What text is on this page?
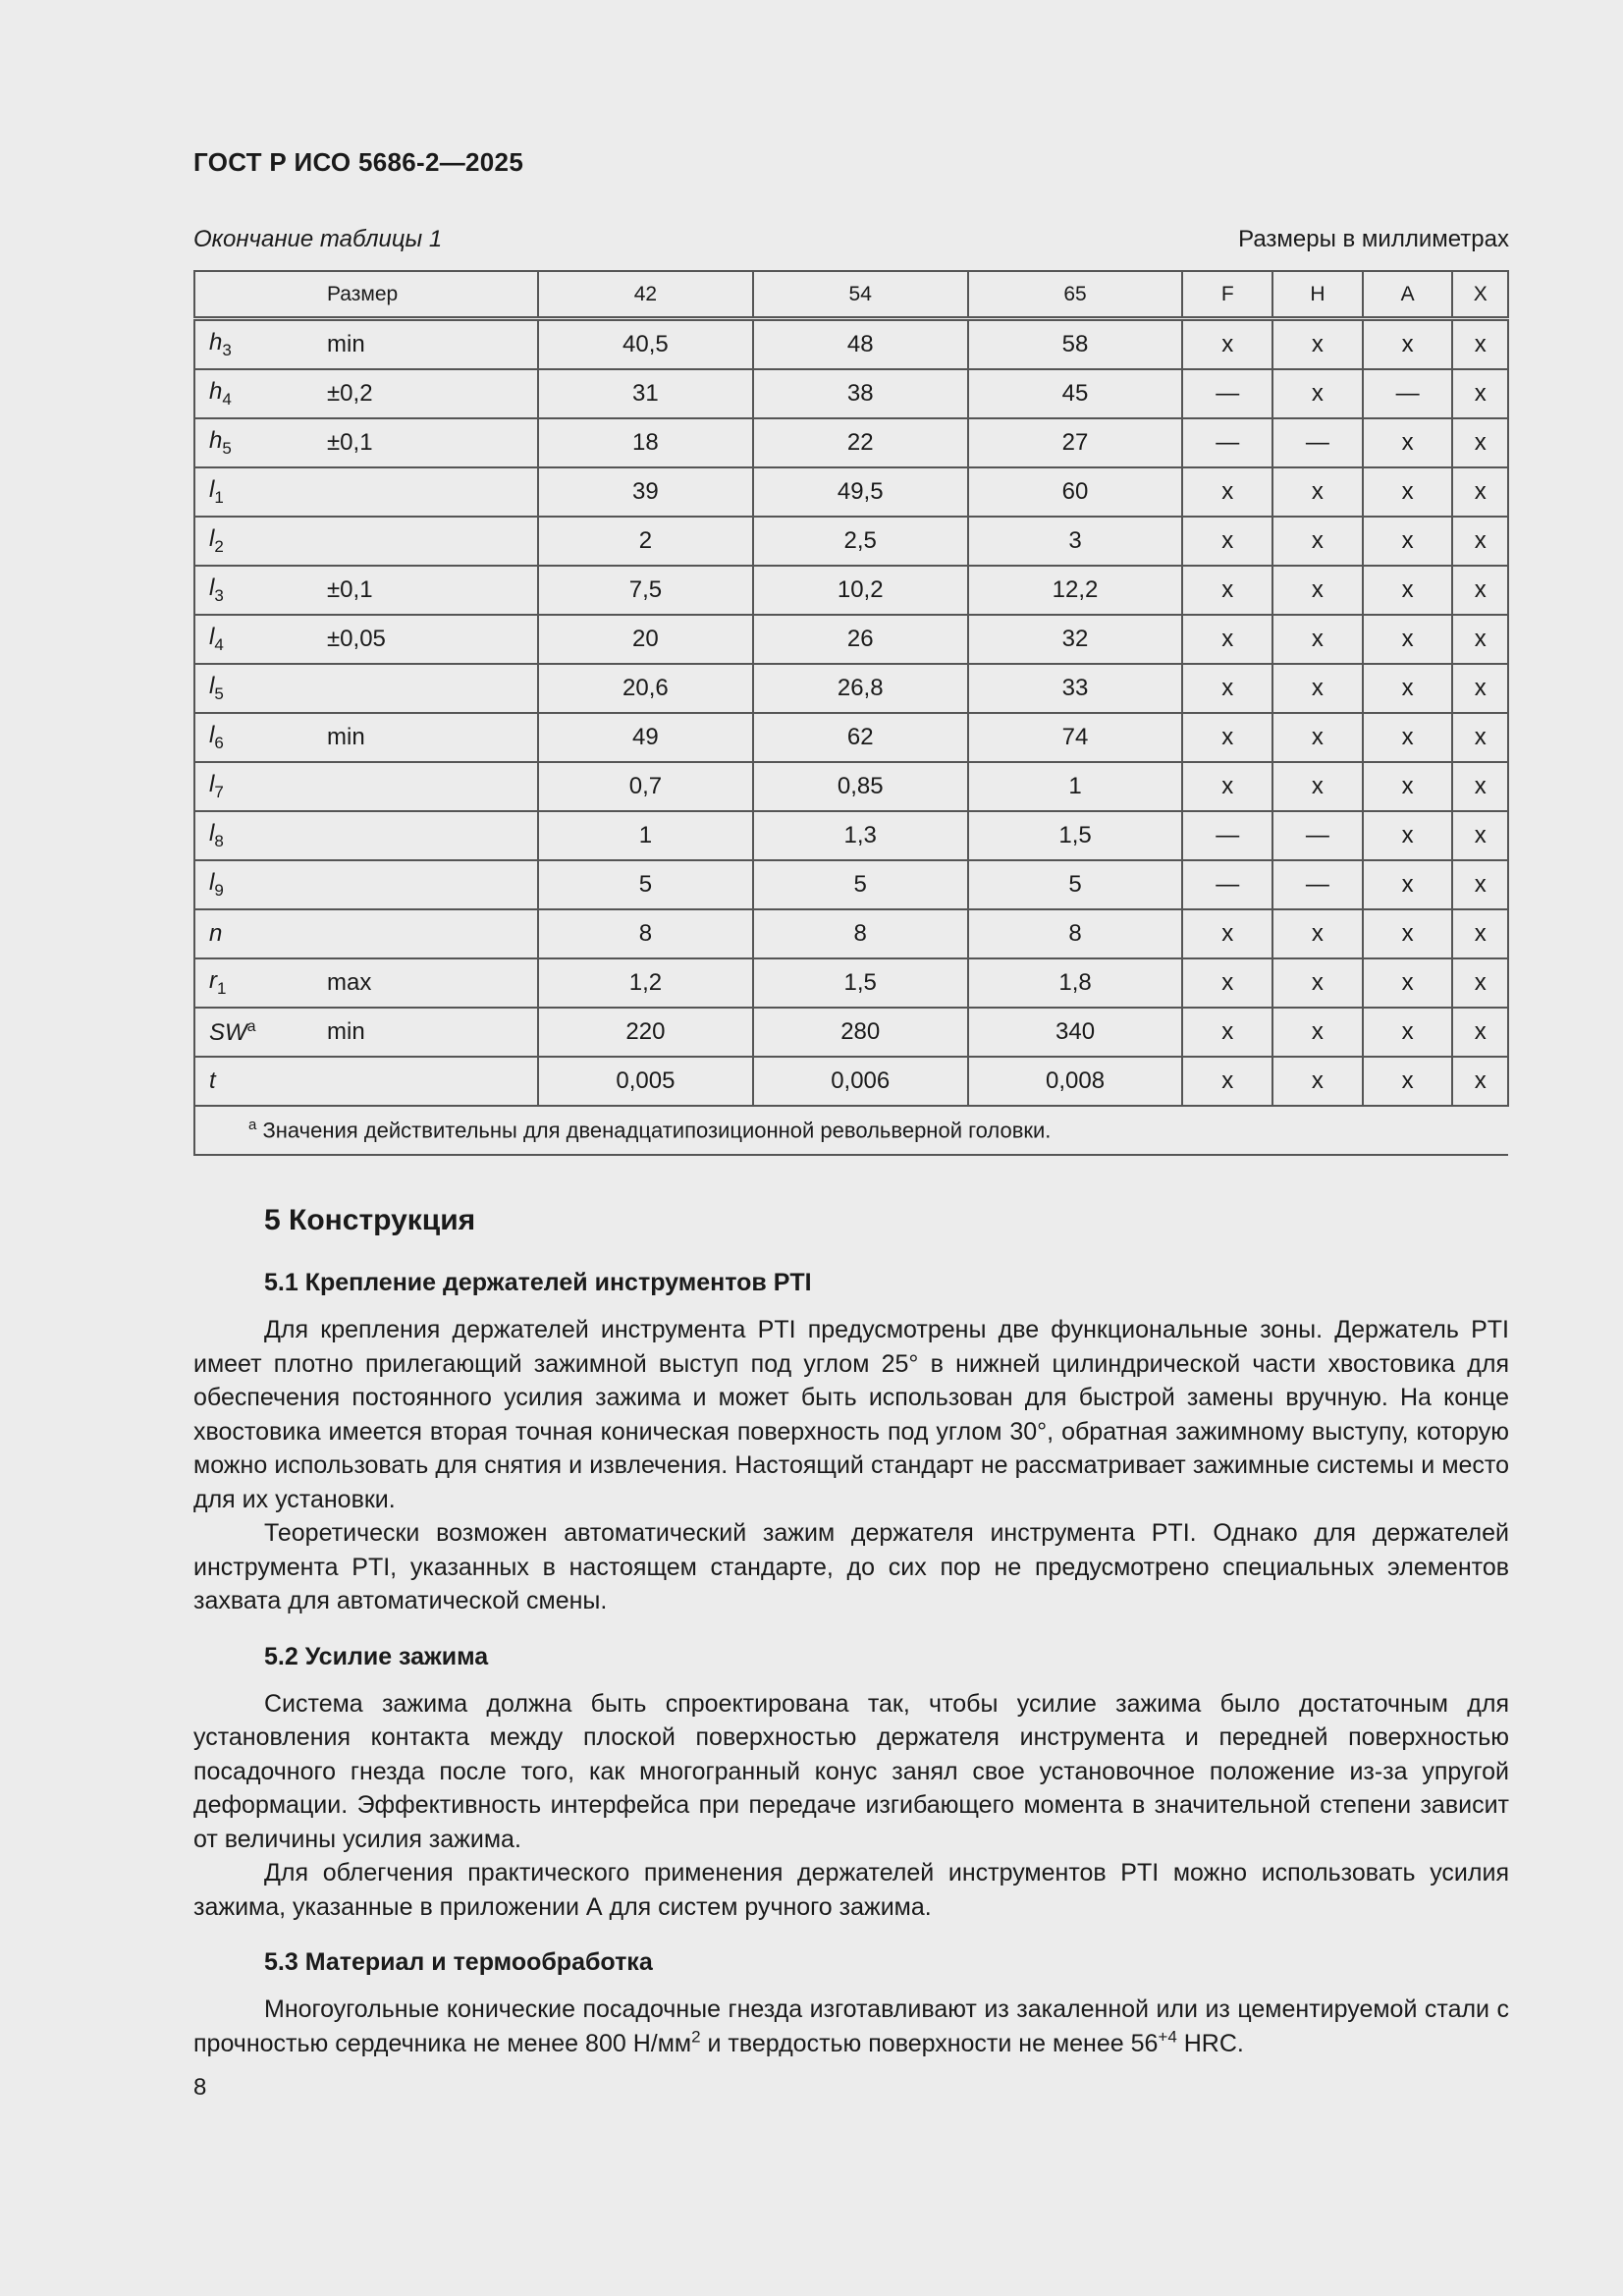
ГОСТ Р ИСО 5686-2—2025
Окончание таблицы 1	Размеры в миллиметрах
Размер		42	54	65	F	H	A	X
$h_3$	min	40,5	48	58	x	x	x	x
$h_4$	±0,2	31	38	45	—	x	—	x
$h_5$	±0,1	18	22	27	—	—	x	x
$l_1$		39	49,5	60	x	x	x	x
$l_2$		2	2,5	3	x	x	x	x
$l_3$	±0,1	7,5	10,2	12,2	x	x	x	x
$l_4$	±0,05	20	26	32	x	x	x	x
$l_5$		20,6	26,8	33	x	x	x	x
$l_6$	min	49	62	74	x	x	x	x
$l_7$		0,7	0,85	1	x	x	x	x
$l_8$		1	1,3	1,5	—	—	x	x
$l_9$		5	5	5	—	—	x	x
n		8	8	8	x	x	x	x
$r_1$	max	1,2	1,5	1,8	x	x	x	x
$SW^a$	min	220	280	340	x	x	x	x
t		0,005	0,006	0,008	x	x	x	x
$^a$ Значения действительны для двенадцатипозиционной револьверной головки.								
5 Конструкция
5.1 Крепление держателей инструментов PTI

Для крепления держателей инструмента PTI предусмотрены две функциональные зоны. Держатель PTI имеет плотно прилегающий зажимной выступ под углом 25° в нижней цилиндрической части хвостовика для обеспечения постоянного усилия зажима и может быть использован для быстрой замены вручную. На конце хвостовика имеется вторая точная коническая поверхность под углом 30°, обратная зажимному выступу, которую можно использовать для снятия и извлечения. Настоящий стандарт не рассматривает зажимные системы и место для их установки.

Теоретически возможен автоматический зажим держателя инструмента PTI. Однако для держателей инструмента PTI, указанных в настоящем стандарте, до сих пор не предусмотрено специальных элементов захвата для автоматической смены.

5.2 Усилие зажима

Система зажима должна быть спроектирована так, чтобы усилие зажима было достаточным для установления контакта между плоской поверхностью держателя инструмента и передней поверхностью посадочного гнезда после того, как многогранный конус занял свое установочное положение из-за упругой деформации. Эффективность интерфейса при передаче изгибающего момента в значительной степени зависит от величины усилия зажима.

Для облегчения практического применения держателей инструментов PTI можно использовать усилия зажима, указанные в приложении А для систем ручного зажима.

5.3 Материал и термообработка

Многоугольные конические посадочные гнезда изготавливают из закаленной или из цементируемой стали с прочностью сердечника не менее 800 $Н/мм^2$ и твердостью поверхности не менее $56^{+4}$ HRC.

8
